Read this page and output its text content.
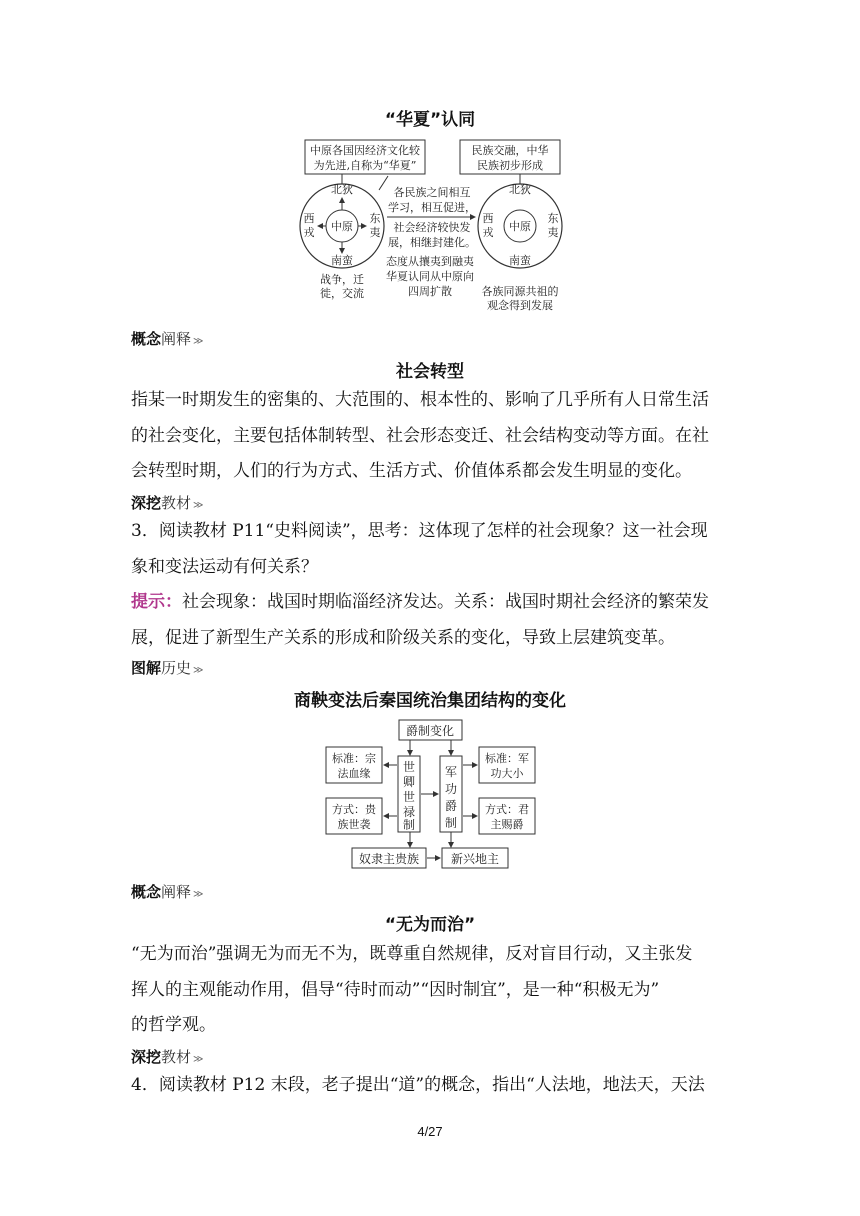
“华夏”认同
中原各国因经济文化较
为先进,自称为“华夏”
民族交融，中华
民族初步形成
中原
北狄
南蛮
西
戎
东
夷
战争，迁
徙，交流
各民族之间相互
学习，相互促进，
社会经济较快发
展，相继封建化。
态度从攘夷到融夷
华夏认同从中原向
四周扩散
中原
北狄
南蛮
西
戎
东
夷
各族同源共祖的
观念得到发展
概念阐释 ≫
社会转型
指某一时期发生的密集的、大范围的、根本性的、影响了几乎所有人日常生活
的社会变化，主要包括体制转型、社会形态变迁、社会结构变动等方面。在社
会转型时期，人们的行为方式、生活方式、价值体系都会发生明显的变化。
深挖教材 ≫
3．阅读教材 P11“史料阅读”，思考：这体现了怎样的社会现象？这一社会现
象和变法运动有何关系？
提示：社会现象：战国时期临淄经济发达。关系：战国时期社会经济的繁荣发
展，促进了新型生产关系的形成和阶级关系的变化，导致上层建筑变革。
图解历史 ≫
商鞅变法后秦国统治集团结构的变化
爵制变化
世
卿
世
禄
制
军
功
爵
制
标准：宗
法血缘
方式：贵
族世袭
标准：军
功大小
方式：君
主赐爵
奴隶主贵族	新兴地主
概念阐释 ≫
“无为而治”
“无为而治”强调无为而无不为，既尊重自然规律，反对盲目行动，又主张发
挥人的主观能动作用，倡导“待时而动”“因时制宜”，是一种“积极无为”
的哲学观。
深挖教材 ≫
4．阅读教材 P12 末段，老子提出“道”的概念，指出“人法地，地法天，天法
4/27
